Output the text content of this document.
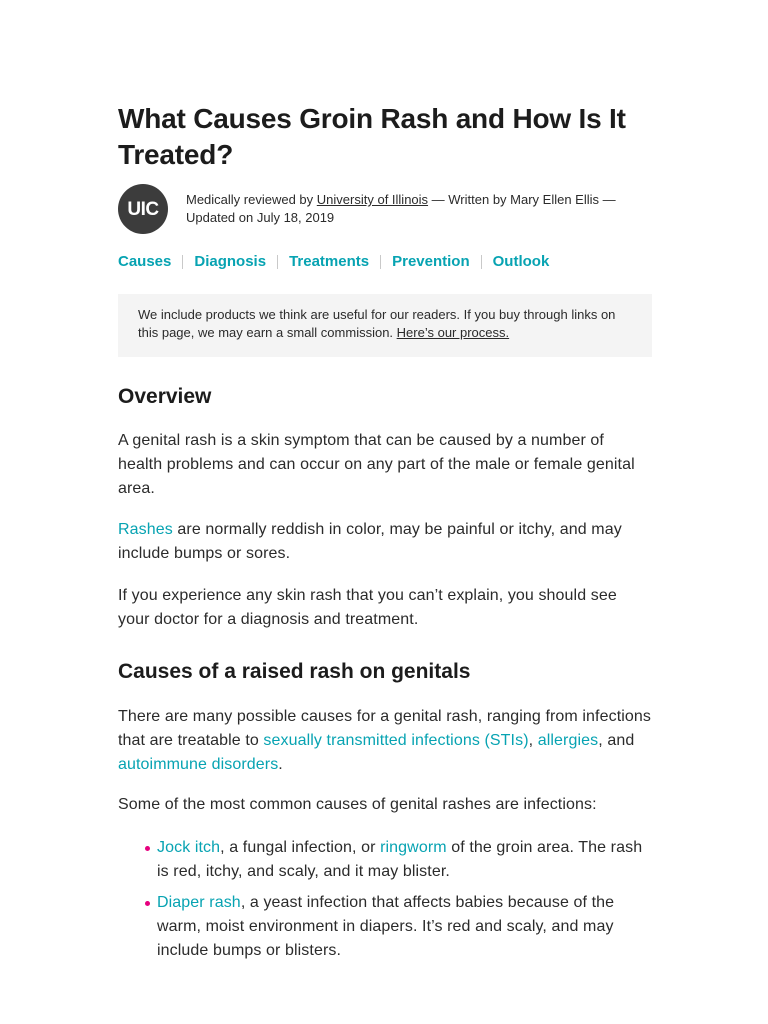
What Causes Groin Rash and How Is It Treated?
UIC Medically reviewed by University of Illinois — Written by Mary Ellen Ellis —
Updated on July 18, 2019
Causes Diagnosis Treatments Prevention Outlook
We include products we think are useful for our readers. If you buy through links on this page, we may earn a small commission. Here’s our process.
Overview

A genital rash is a skin symptom that can be caused by a number of health problems and can occur on any part of the male or female genital area.

Rashes are normally reddish in color, may be painful or itchy, and may include bumps or sores.

If you experience any skin rash that you can’t explain, you should see your doctor for a diagnosis and treatment.

Causes of a raised rash on genitals

There are many possible causes for a genital rash, ranging from infections that are treatable to sexually transmitted infections (STIs), allergies, and autoimmune disorders.

Some of the most common causes of genital rashes are infections:

Jock itch, a fungal infection, or ringworm of the groin area. The rash is red, itchy, and scaly, and it may blister.
Diaper rash, a yeast infection that affects babies because of the warm, moist environment in diapers. It’s red and scaly, and may include bumps or blisters.
